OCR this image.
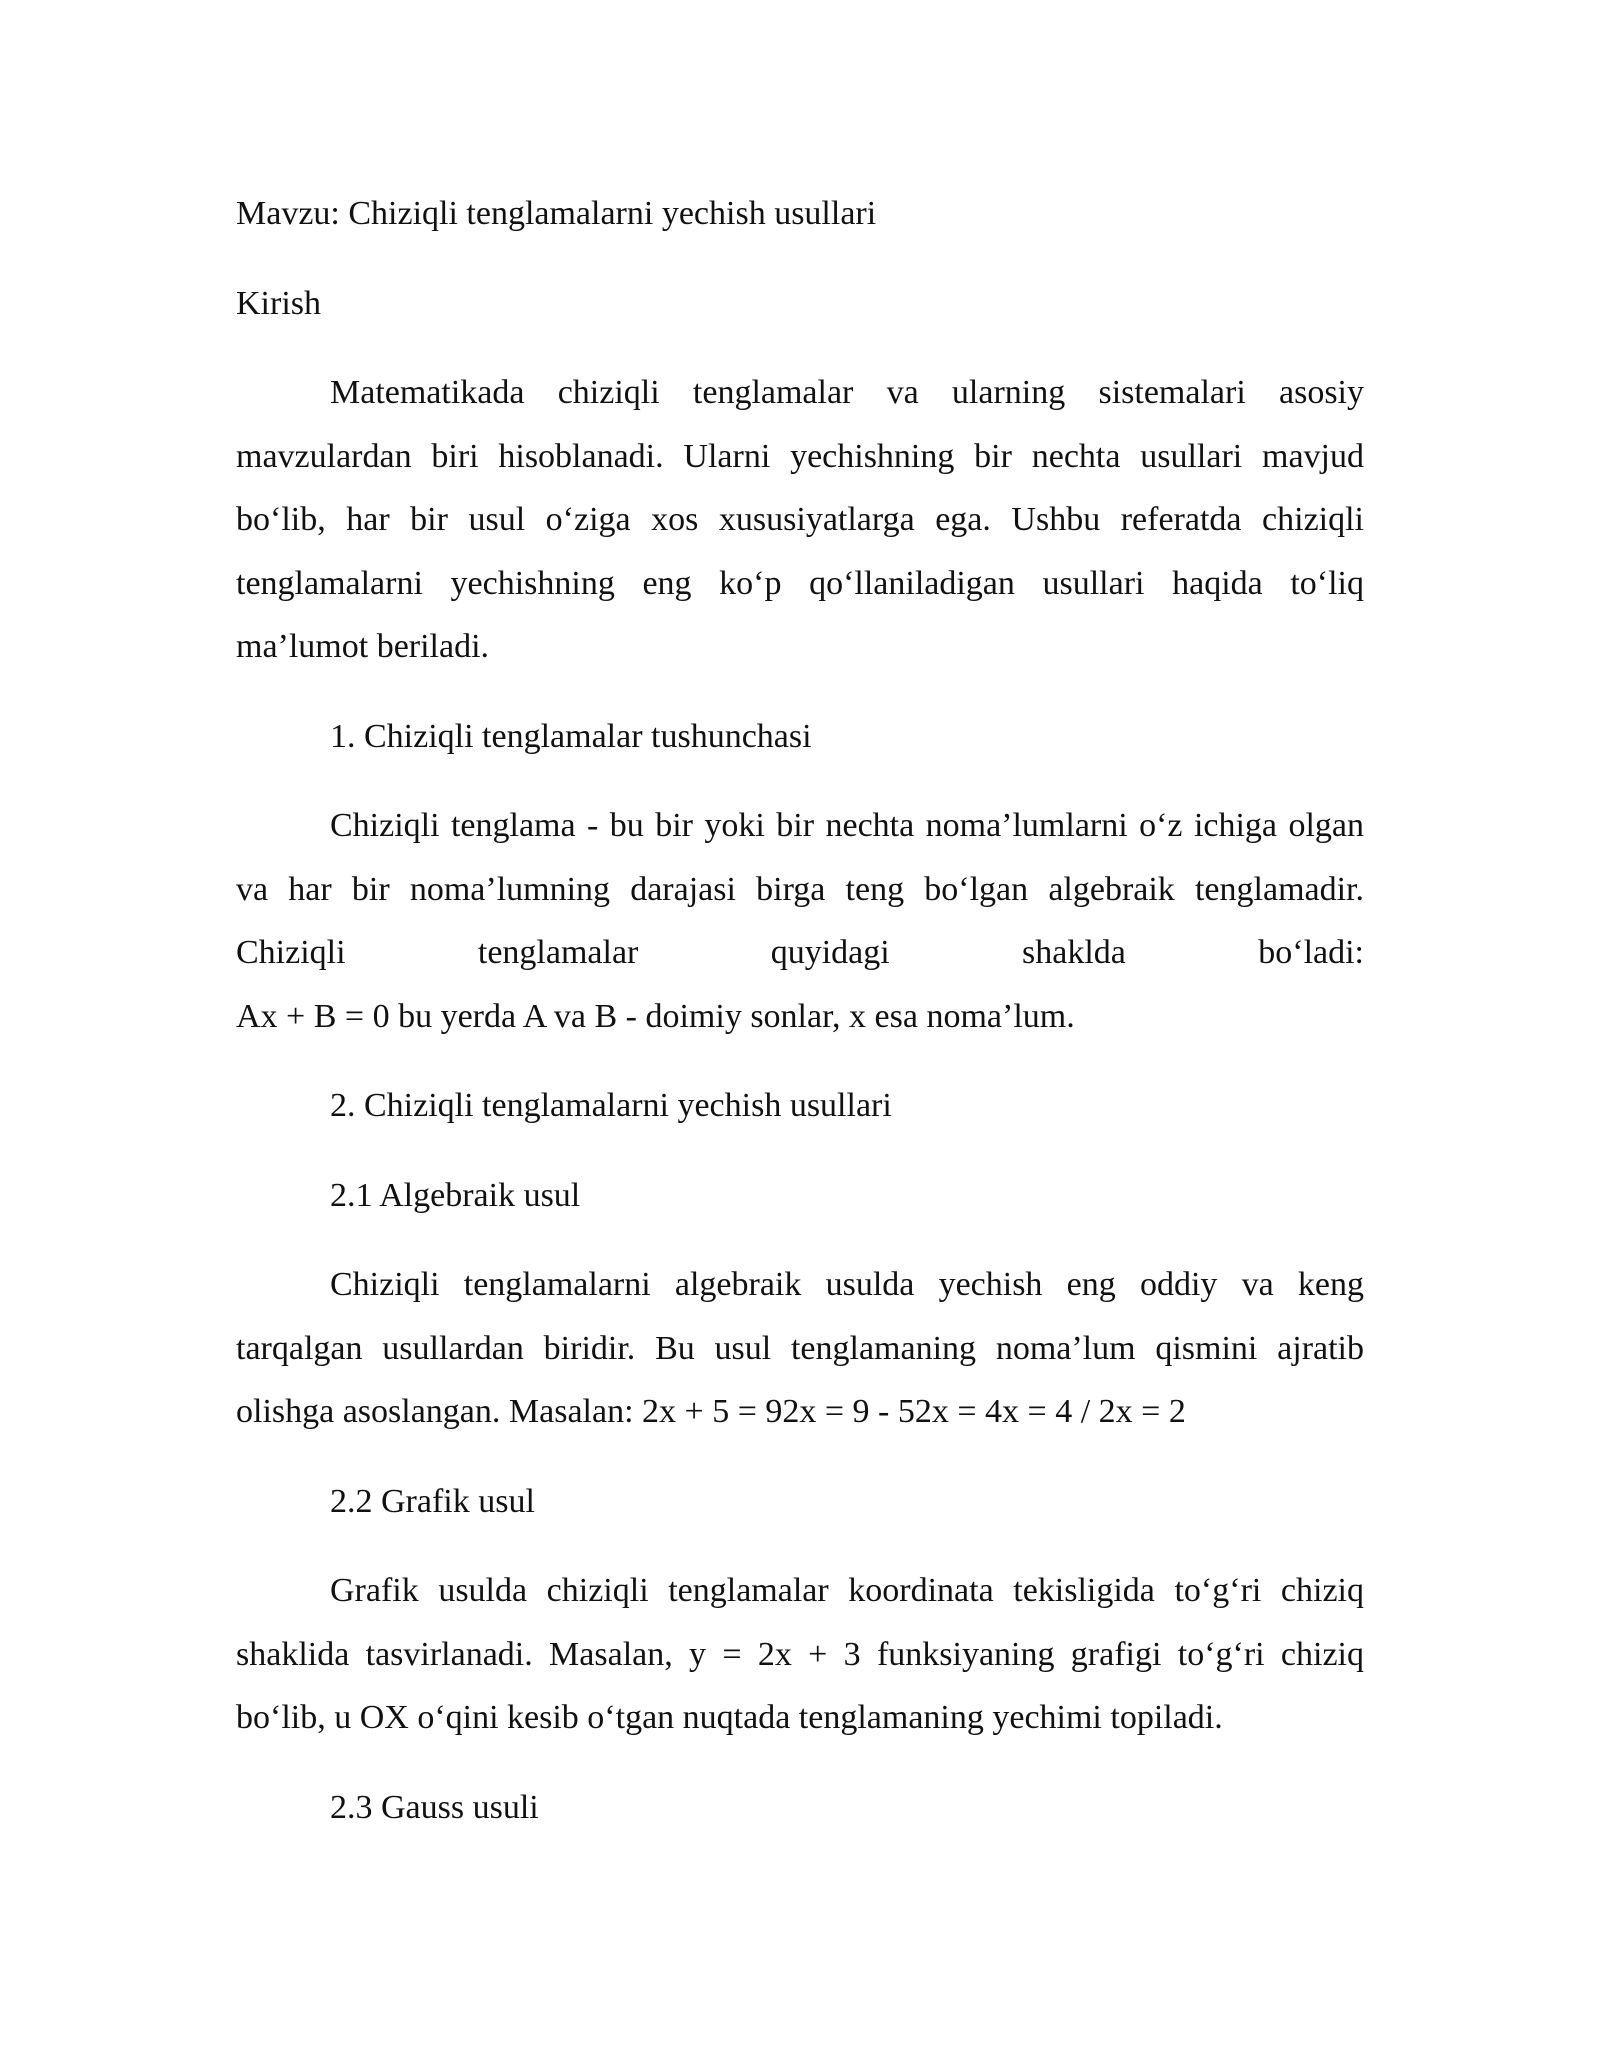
Mavzu: Chiziqli tenglamalarni yechish usullari

Kirish

Matematikada chiziqli tenglamalar va ularning sistemalari asosiy mavzulardan biri hisoblanadi. Ularni yechishning bir nechta usullari mavjud bo‘lib, har bir usul o‘ziga xos xususiyatlarga ega. Ushbu referatda chiziqli tenglamalarni yechishning eng ko‘p qo‘llaniladigan usullari haqida to‘liq ma’lumot beriladi.

1. Chiziqli tenglamalar tushunchasi

Chiziqli tenglama - bu bir yoki bir nechta noma’lumlarni o‘z ichiga olgan va har bir noma’lumning darajasi birga teng bo‘lgan algebraik tenglamadir. Chiziqli tenglamalar quyidagi shaklda bo‘ladi:
Ax + B = 0 bu yerda A va B - doimiy sonlar, x esa noma’lum.

2. Chiziqli tenglamalarni yechish usullari

2.1 Algebraik usul

Chiziqli tenglamalarni algebraik usulda yechish eng oddiy va keng tarqalgan usullardan biridir. Bu usul tenglamaning noma’lum qismini ajratib olishga asoslangan. Masalan: 2x + 5 = 92x = 9 - 52x = 4x = 4 / 2x = 2

2.2 Grafik usul

Grafik usulda chiziqli tenglamalar koordinata tekisligida to‘g‘ri chiziq shaklida tasvirlanadi. Masalan, y = 2x + 3 funksiyaning grafigi to‘g‘ri chiziq bo‘lib, u OX o‘qini kesib o‘tgan nuqtada tenglamaning yechimi topiladi.

2.3 Gauss usuli
